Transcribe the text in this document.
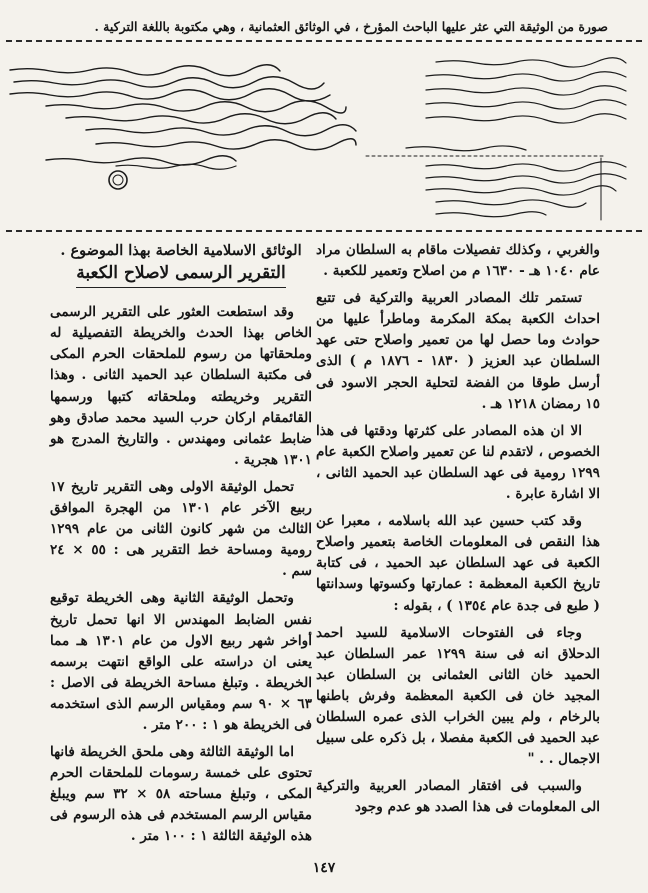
صورة من الوثيقة التي عثر عليها الباحث المؤرخ ، في الوثائق العثمانية ، وهي مكتوبة باللغة التركية .

والغربي ، وكذلك تفصيلات ماقام به السلطان مراد عام ١٠٤٠ هـ - ١٦٣٠ م من اصلاح وتعمير للكعبة .

تستمر تلك المصادر العربية والتركية فى تتبع احداث الكعبة بمكة المكرمة وماطرأ عليها من حوادث وما حصل لها من تعمير واصلاح حتى عهد السلطان عبد العزيز ( ١٨٣٠ - ١٨٧٦ م ) الذى أرسل طوقا من الفضة لتحلية الحجر الاسود فى ١٥ رمضان ١٢١٨ هـ .

الا ان هذه المصادر على كثرتها ودقتها فى هذا الخصوص ، لاتقدم لنا عن تعمير واصلاح الكعبة عام ١٢٩٩ رومية فى عهد السلطان عبد الحميد الثانى ، الا اشارة عابرة .

وقد كتب حسين عبد الله باسلامه ، معبرا عن هذا النقص فى المعلومات الخاصة بتعمير واصلاح الكعبة فى عهد السلطان عبد الحميد ، فى كتابة تاريخ الكعبة المعظمة : عمارتها وكسوتها وسدانتها ( طبع فى جدة عام ١٣٥٤ ) ، بقوله :

وجاء فى الفتوحات الاسلامية للسيد احمد الدحلاق انه فى سنة ١٢٩٩ عمر السلطان عبد الحميد خان الثانى العثمانى بن السلطان عبد المجيد خان فى الكعبة المعظمة وفرش باطنها بالرخام ، ولم يبين الخراب الذى عمره السلطان عبد الحميد فى الكعبة مفصلا ، بل ذكره على سبيل الاجمال . . "

والسبب فى افتقار المصادر العربية والتركية الى المعلومات فى هذا الصدد هو عدم وجود

الوثائق الاسلامية الخاصة بهذا الموضوع .
التقرير الرسمى لاصلاح الكعبة

وقد استطعت العثور على التقرير الرسمى الخاص بهذا الحدث والخريطة التفصيلية له وملحقاتها من رسوم للملحقات الحرم المكى فى مكتبة السلطان عبد الحميد الثانى . وهذا التقرير وخريطته وملحقاته كتبها ورسمها القائمقام اركان حرب السيد محمد صادق وهو ضابط عثمانى ومهندس . والتاريخ المدرج هو ١٣٠١ هجرية .

تحمل الوثيقة الاولى وهى التقرير تاريخ ١٧ ربيع الآخر عام ١٣٠١ من الهجرة الموافق الثالث من شهر كانون الثانى من عام ١٢٩٩ رومية ومساحة خط التقرير هى : ٥٥ × ٢٤ سم .

وتحمل الوثيقة الثانية وهى الخريطة توقيع نفس الضابط المهندس الا انها تحمل تاريخ أواخر شهر ربيع الاول من عام ١٣٠١ هـ مما يعنى ان دراسته على الواقع انتهت برسمه الخريطة . وتبلغ مساحة الخريطة فى الاصل : ٦٣ × ٩٠ سم ومقياس الرسم الذى استخدمه فى الخريطة هو ١ : ٢٠٠ متر .

اما الوثيقة الثالثة وهى ملحق الخريطة فانها تحتوى على خمسة رسومات للملحقات الحرم المكى ، وتبلغ مساحته ٥٨ × ٣٢ سم ويبلغ مقياس الرسم المستخدم فى هذه الرسوم فى هذه الوثيقة الثالثة ١ : ١٠٠ متر .

١٤٧
